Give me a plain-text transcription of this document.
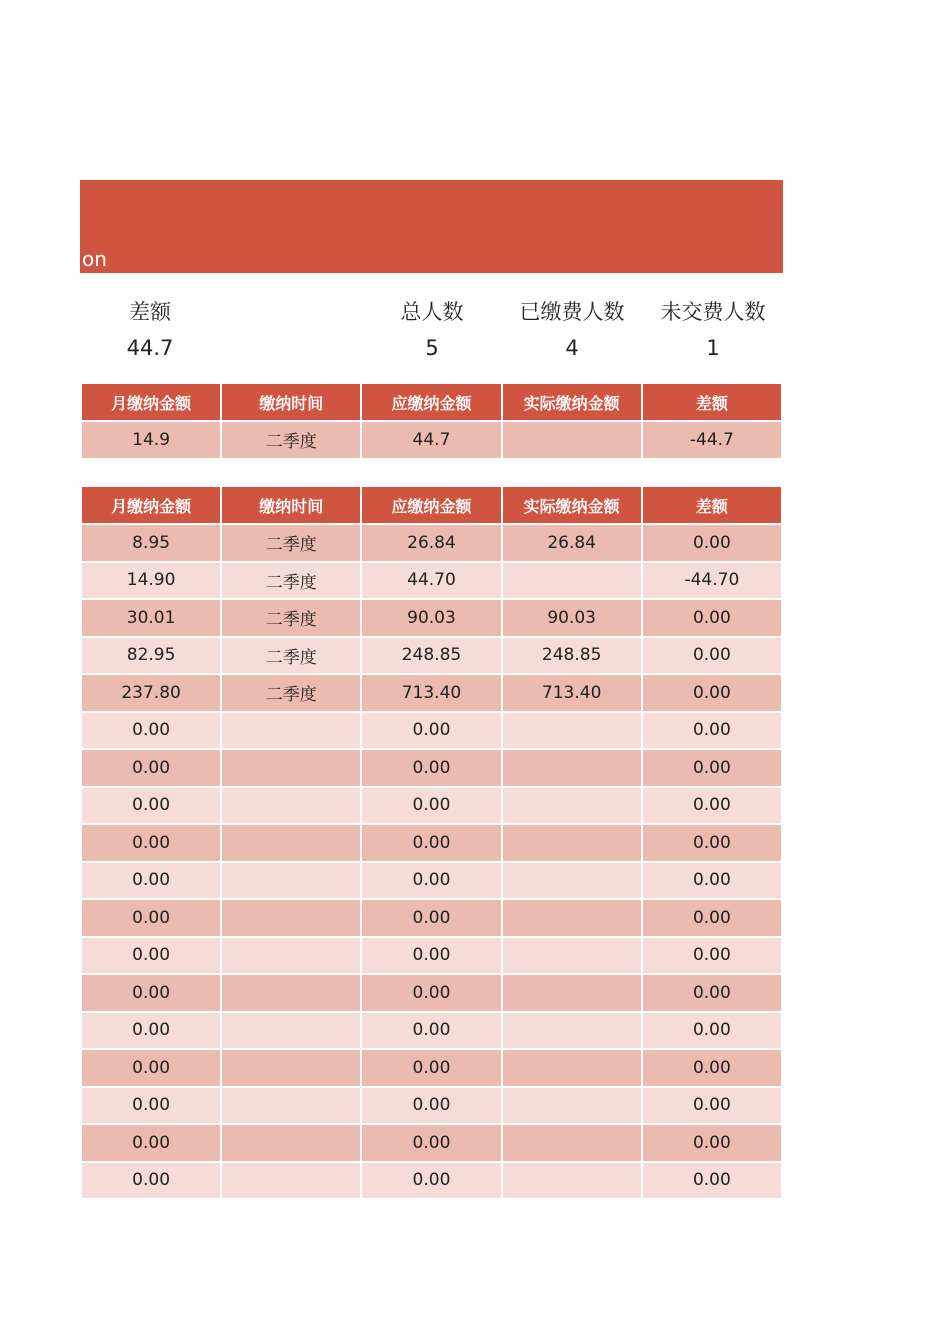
on
差额
44.7
总人数
5
已缴费人数
4
未交费人数
1
月缴纳金额	缴纳时间	应缴纳金额	实际缴纳金额	差额
14.9	二季度	44.7		-44.7
月缴纳金额	缴纳时间	应缴纳金额	实际缴纳金额	差额
8.95	二季度	26.84	26.84	0.00
14.90	二季度	44.70		-44.70
30.01	二季度	90.03	90.03	0.00
82.95	二季度	248.85	248.85	0.00
237.80	二季度	713.40	713.40	0.00
0.00		0.00		0.00
0.00		0.00		0.00
0.00		0.00		0.00
0.00		0.00		0.00
0.00		0.00		0.00
0.00		0.00		0.00
0.00		0.00		0.00
0.00		0.00		0.00
0.00		0.00		0.00
0.00		0.00		0.00
0.00		0.00		0.00
0.00		0.00		0.00
0.00		0.00		0.00
